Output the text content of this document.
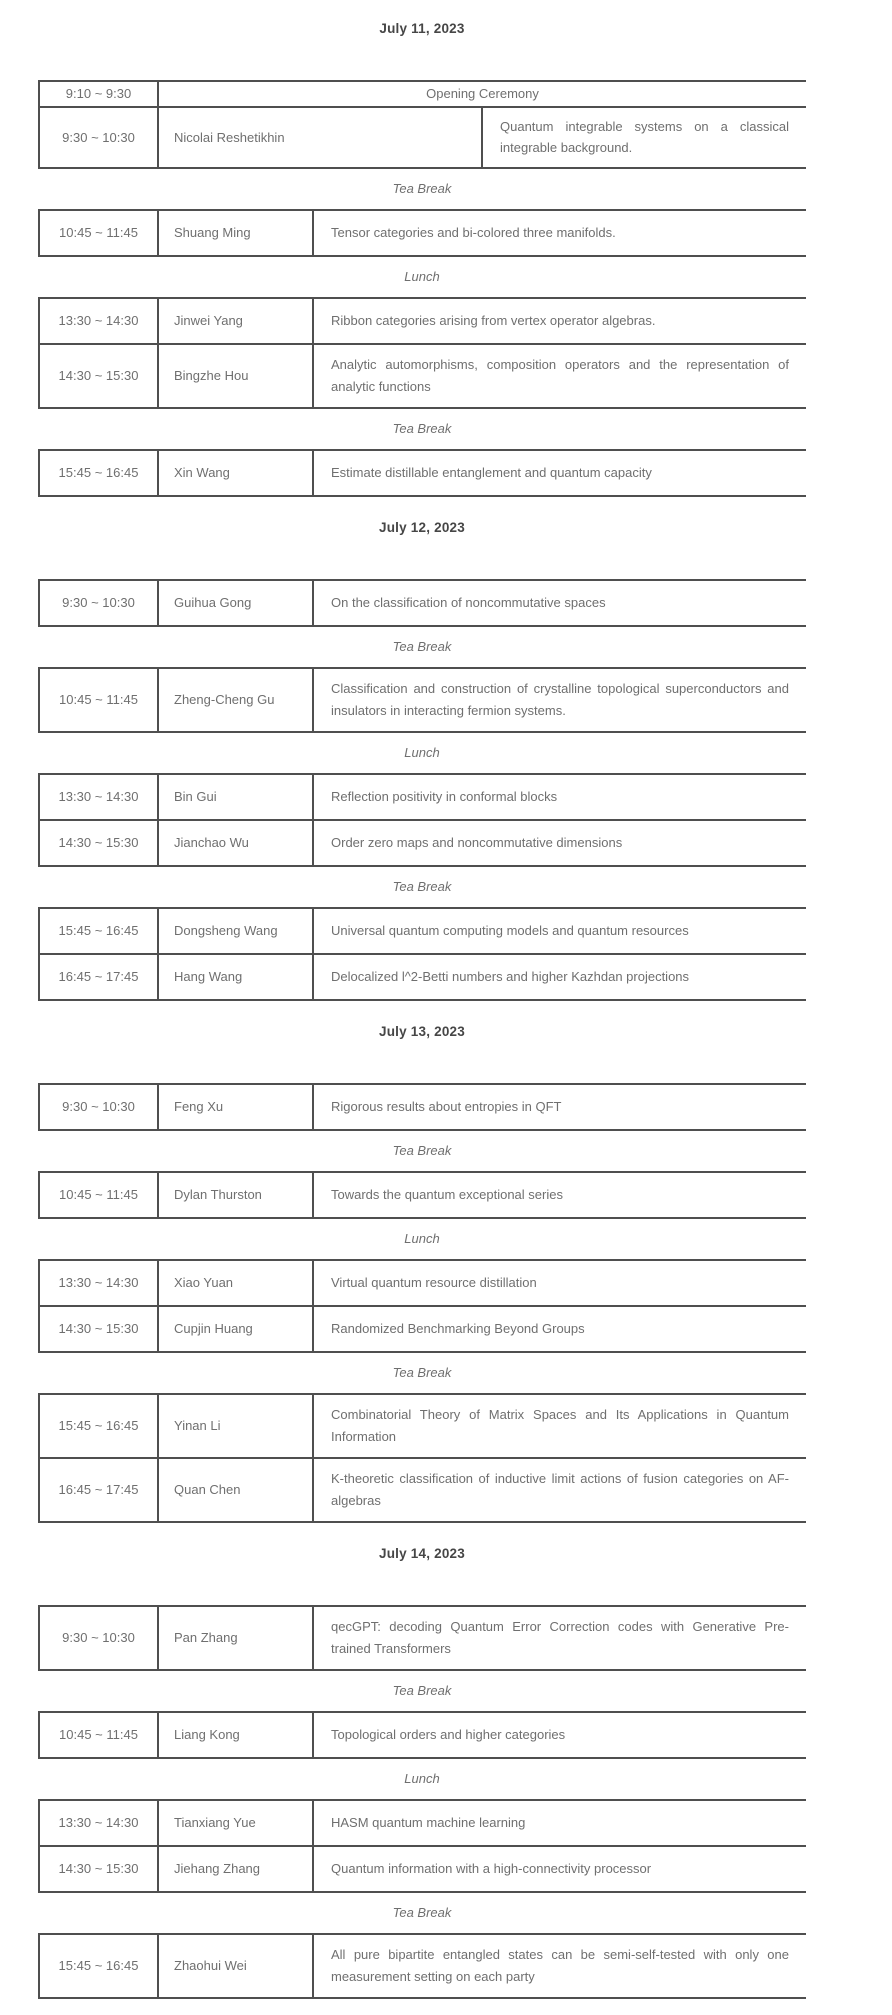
July 11, 2023
9:10 ~ 9:30	Opening Ceremony	
9:30 ~ 10:30	Nicolai Reshetikhin	Quantum integrable systems on a classical integrable background.
Tea Break
10:45 ~ 11:45	Shuang Ming	Tensor categories and bi-colored three manifolds.
Lunch
13:30 ~ 14:30	Jinwei Yang	Ribbon categories arising from vertex operator algebras.
14:30 ~ 15:30	Bingzhe Hou	Analytic automorphisms, composition operators and the representation of analytic functions
Tea Break
15:45 ~ 16:45	Xin Wang	Estimate distillable entanglement and quantum capacity
July 12, 2023
9:30 ~ 10:30	Guihua Gong	On the classification of noncommutative spaces
Tea Break
10:45 ~ 11:45	Zheng-Cheng Gu	Classification and construction of crystalline topological superconductors and insulators in interacting fermion systems.
Lunch
13:30 ~ 14:30	Bin Gui	Reflection positivity in conformal blocks
14:30 ~ 15:30	Jianchao Wu	Order zero maps and noncommutative dimensions
Tea Break
15:45 ~ 16:45	Dongsheng Wang	Universal quantum computing models and quantum resources
16:45 ~ 17:45	Hang Wang	Delocalized l^2-Betti numbers and higher Kazhdan projections
July 13, 2023
9:30 ~ 10:30	Feng Xu	Rigorous results about entropies in QFT
Tea Break
10:45 ~ 11:45	Dylan Thurston	Towards the quantum exceptional series
Lunch
13:30 ~ 14:30	Xiao Yuan	Virtual quantum resource distillation
14:30 ~ 15:30	Cupjin Huang	Randomized Benchmarking Beyond Groups
Tea Break
15:45 ~ 16:45	Yinan Li	Combinatorial Theory of Matrix Spaces and Its Applications in Quantum Information
16:45 ~ 17:45	Quan Chen	K-theoretic classification of inductive limit actions of fusion categories on AF-algebras
July 14, 2023
9:30 ~ 10:30	Pan Zhang	qecGPT: decoding Quantum Error Correction codes with Generative Pre-trained Transformers
Tea Break
10:45 ~ 11:45	Liang Kong	Topological orders and higher categories
Lunch
13:30 ~ 14:30	Tianxiang Yue	HASM quantum machine learning
14:30 ~ 15:30	Jiehang Zhang	Quantum information with a high-connectivity processor
Tea Break
15:45 ~ 16:45	Zhaohui Wei	All pure bipartite entangled states can be semi-self-tested with only one measurement setting on each party
